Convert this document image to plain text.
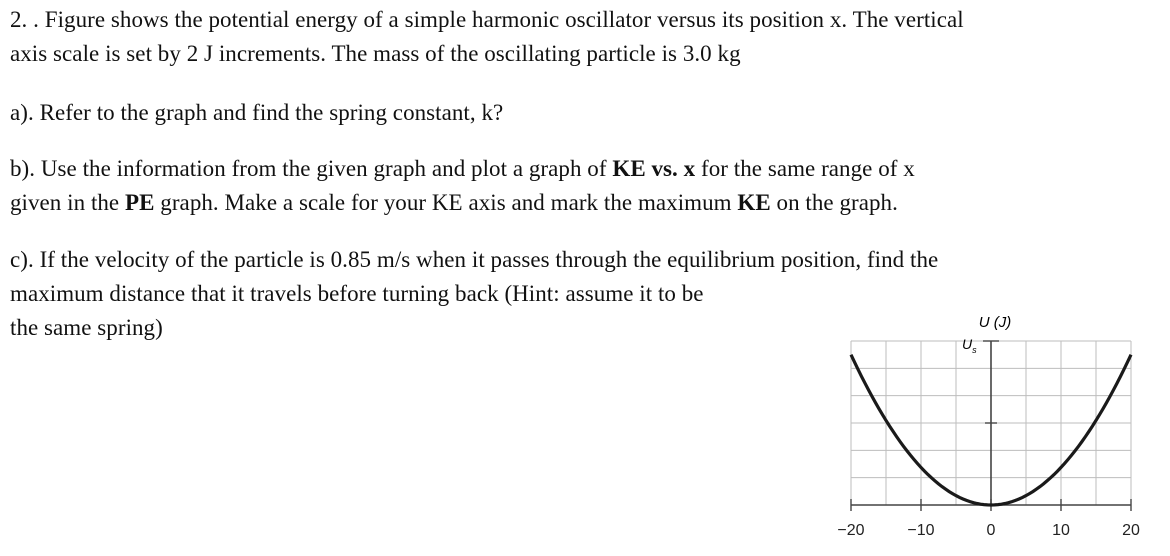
2. . Figure shows the potential energy of a simple harmonic oscillator versus its position x. The vertical
axis scale is set by 2 J increments. The mass of the oscillating particle is 3.0 kg
a). Refer to the graph and find the spring constant, k?
b). Use the information from the given graph and plot a graph of KE vs. x for the same range of x
given in the PE graph. Make a scale for your KE axis and mark the maximum KE on the graph.
c). If the velocity of the particle is 0.85 m/s when it passes through the equilibrium position, find the
maximum distance that it travels before turning back (Hint: assume it to be
the same spring)	U (J)
$U_s$
−20	−10	0	10	20
